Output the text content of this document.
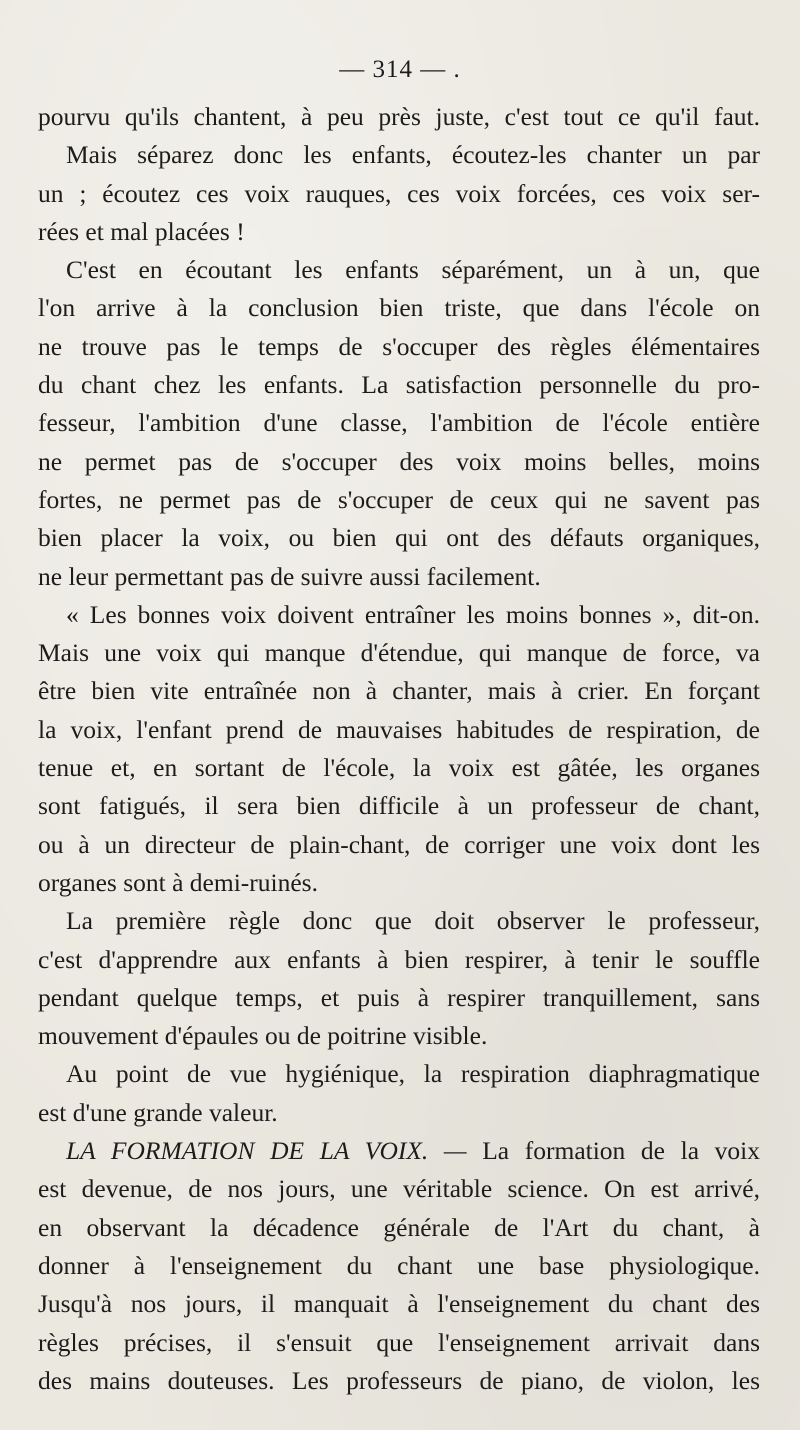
— 314 — .
pourvu qu'ils chantent, à peu près juste, c'est tout ce qu'il faut.
Mais séparez donc les enfants, écoutez-les chanter un par
un ; écoutez ces voix rauques, ces voix forcées, ces voix ser-
rées et mal placées !
C'est en écoutant les enfants séparément, un à un, que
l'on arrive à la conclusion bien triste, que dans l'école on
ne trouve pas le temps de s'occuper des règles élémentaires
du chant chez les enfants. La satisfaction personnelle du pro-
fesseur, l'ambition d'une classe, l'ambition de l'école entière
ne permet pas de s'occuper des voix moins belles, moins
fortes, ne permet pas de s'occuper de ceux qui ne savent pas
bien placer la voix, ou bien qui ont des défauts organiques,
ne leur permettant pas de suivre aussi facilement.
« Les bonnes voix doivent entraîner les moins bonnes », dit-on.
Mais une voix qui manque d'étendue, qui manque de force, va
être bien vite entraînée non à chanter, mais à crier. En forçant
la voix, l'enfant prend de mauvaises habitudes de respiration, de
tenue et, en sortant de l'école, la voix est gâtée, les organes
sont fatigués, il sera bien difficile à un professeur de chant,
ou à un directeur de plain-chant, de corriger une voix dont les
organes sont à demi-ruinés.
La première règle donc que doit observer le professeur,
c'est d'apprendre aux enfants à bien respirer, à tenir le souffle
pendant quelque temps, et puis à respirer tranquillement, sans
mouvement d'épaules ou de poitrine visible.
Au point de vue hygiénique, la respiration diaphragmatique
est d'une grande valeur.
LA FORMATION DE LA VOIX. — La formation de la voix
est devenue, de nos jours, une véritable science. On est arrivé,
en observant la décadence générale de l'Art du chant, à
donner à l'enseignement du chant une base physiologique.
Jusqu'à nos jours, il manquait à l'enseignement du chant des
règles précises, il s'ensuit que l'enseignement arrivait dans
des mains douteuses. Les professeurs de piano, de violon, les
